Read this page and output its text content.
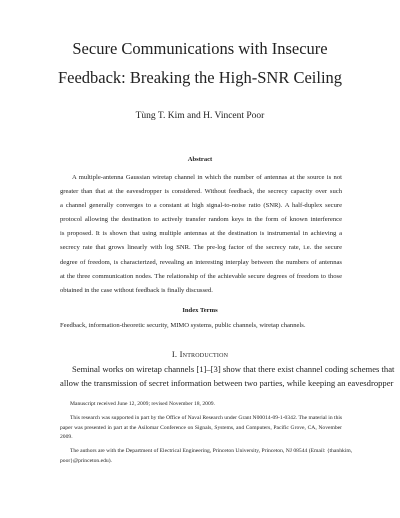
Secure Communications with Insecure
Feedback: Breaking the High-SNR Ceiling
Tùng T. Kim and H. Vincent Poor
Abstract
A multiple-antenna Gaussian wiretap channel in which the number of antennas at the source is not
greater than that at the eavesdropper is considered. Without feedback, the secrecy capacity over such
a channel generally converges to a constant at high signal-to-noise ratio (SNR). A half-duplex secure
protocol allowing the destination to actively transfer random keys in the form of known interference
is proposed. It is shown that using multiple antennas at the destination is instrumental in achieving a
secrecy rate that grows linearly with log SNR. The pre-log factor of the secrecy rate, i.e. the secure
degree of freedom, is characterized, revealing an interesting interplay between the numbers of antennas
at the three communication nodes. The relationship of the achievable secure degrees of freedom to those
obtained in the case without feedback is finally discussed.
Index Terms
Feedback, information-theoretic security, MIMO systems, public channels, wiretap channels.
I. Introduction
Seminal works on wiretap channels [1]–[3] show that there exist channel coding schemes that
allow the transmission of secret information between two parties, while keeping an eavesdropper
Manuscript received June 12, 2009; revised November 18, 2009.
This research was supported in part by the Office of Naval Research under Grant N00014-09-1-0342. The material in this
paper was presented in part at the Asilomar Conference on Signals, Systems, and Computers, Pacific Grove, CA, November
2009.
The authors are with the Department of Electrical Engineering, Princeton University, Princeton, NJ 08544 (Email: {thanhkim,
poor}@princeton.edu).
